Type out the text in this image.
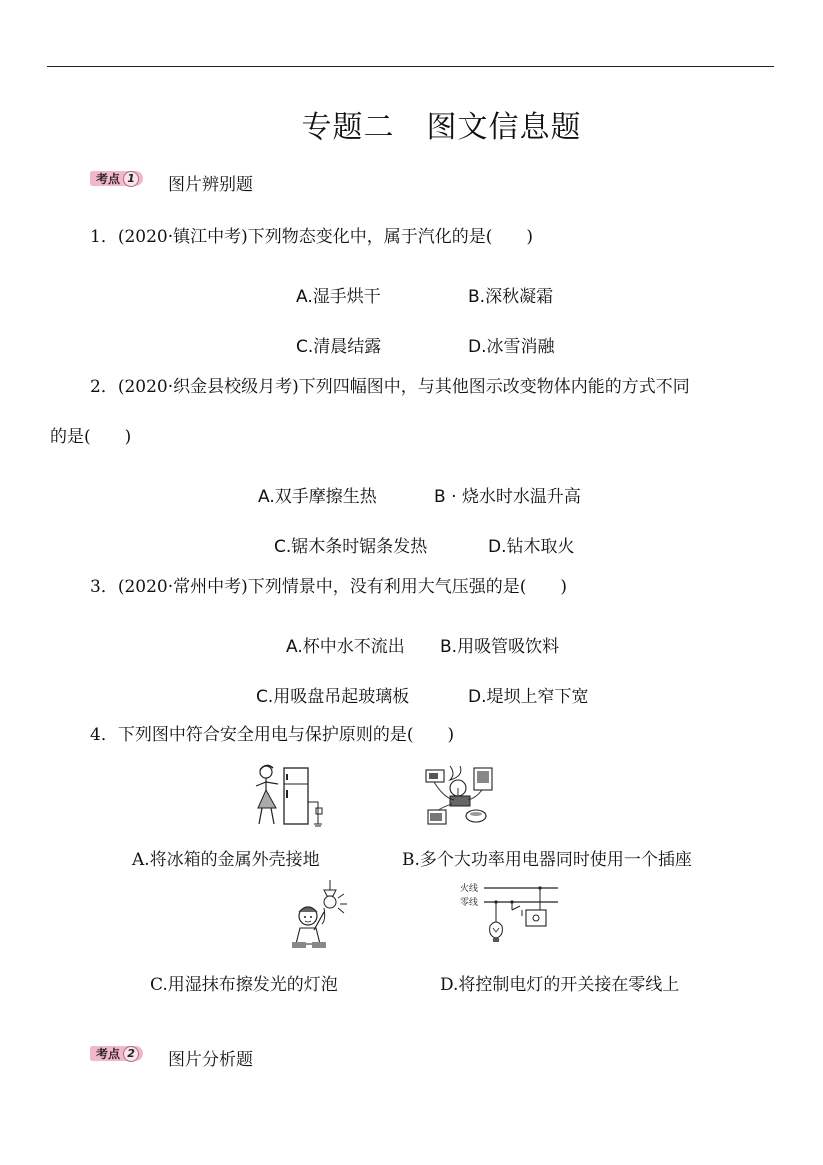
专题二 图文信息题
考点 1 图片辨别题
1．(2020·镇江中考)下列物态变化中，属于汽化的是(　　)
A.湿手烘干	B.深秋凝霜
C.清晨结露	D.冰雪消融
2．(2020·织金县校级月考)下列四幅图中，与其他图示改变物体内能的方式不同
的是(　　)
A.双手摩擦生热	B · 烧水时水温升高
C.锯木条时锯条发热	D.钻木取火
3．(2020·常州中考)下列情景中，没有利用大气压强的是(　　)
A.杯中水不流出 B.用吸管吸饮料
C.用吸盘吊起玻璃板	D.堤坝上窄下宽
4．下列图中符合安全用电与保护原则的是(　　)
A.将冰箱的金属外壳接地	B.多个大功率用电器同时使用一个插座
火线
零线
C.用湿抹布擦发光的灯泡	D.将控制电灯的开关接在零线上
考点 2 图片分析题
